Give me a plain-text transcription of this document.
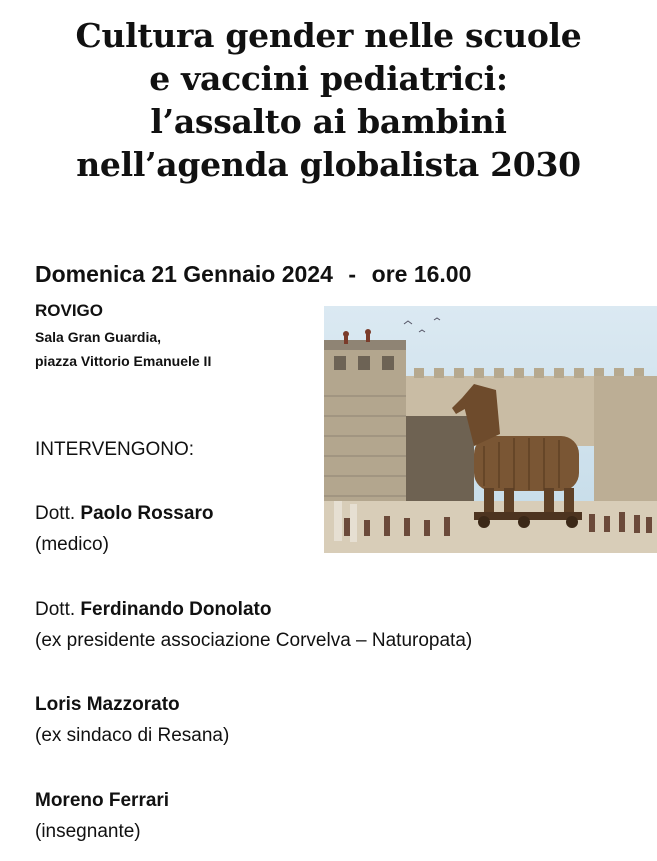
Cultura gender nelle scuole
e vaccini pediatrici:
l’assalto ai bambini
nell’agenda globalista 2030
Domenica 21 Gennaio 2024 - ore 16.00
ROVIGO
Sala Gran Guardia,
piazza Vittorio Emanuele II
INTERVENGONO:
Dott. Paolo Rossaro
(medico)
Dott. Ferdinando Donolato
(ex presidente associazione Corvelva – Naturopata)
Loris Mazzorato
(ex sindaco di Resana)
Moreno Ferrari
(insegnante)
